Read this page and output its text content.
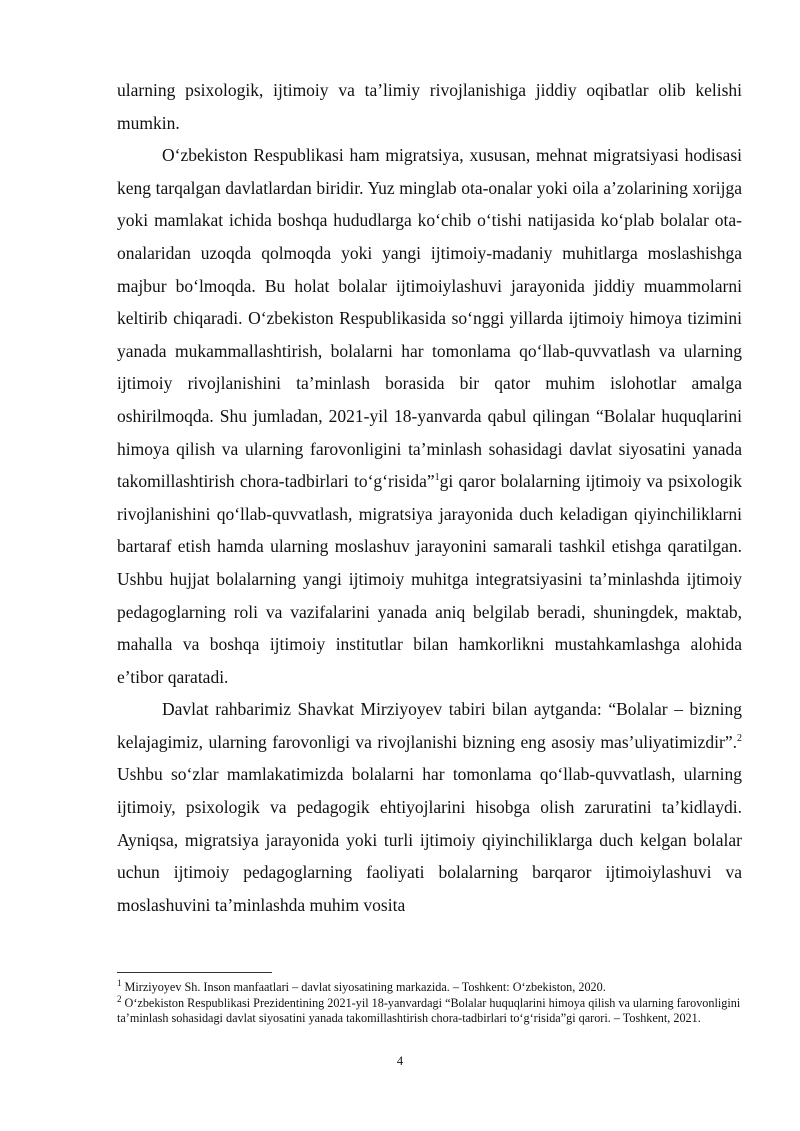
ularning psixologik, ijtimoiy va ta’limiy rivojlanishiga jiddiy oqibatlar olib kelishi mumkin.

O‘zbekiston Respublikasi ham migratsiya, xususan, mehnat migratsiyasi hodisasi keng tarqalgan davlatlardan biridir. Yuz minglab ota-onalar yoki oila a’zolarining xorijga yoki mamlakat ichida boshqa hududlarga ko‘chib o‘tishi natijasida ko‘plab bolalar ota-onalaridan uzoqda qolmoqda yoki yangi ijtimoiy-madaniy muhitlarga moslashishga majbur bo‘lmoqda. Bu holat bolalar ijtimoiylashuvi jarayonida jiddiy muammolarni keltirib chiqaradi. O‘zbekiston Respublikasida so‘nggi yillarda ijtimoiy himoya tizimini yanada mukammallashtirish, bolalarni har tomonlama qo‘llab-quvvatlash va ularning ijtimoiy rivojlanishini ta’minlash borasida bir qator muhim islohotlar amalga oshirilmoqda. Shu jumladan, 2021-yil 18-yanvarda qabul qilingan “Bolalar huquqlarini himoya qilish va ularning farovonligini ta’minlash sohasidagi davlat siyosatini yanada takomillashtirish chora-tadbirlari to‘g‘risida”$^1$gi qaror bolalarning ijtimoiy va psixologik rivojlanishini qo‘llab-quvvatlash, migratsiya jarayonida duch keladigan qiyinchiliklarni bartaraf etish hamda ularning moslashuv jarayonini samarali tashkil etishga qaratilgan. Ushbu hujjat bolalarning yangi ijtimoiy muhitga integratsiyasini ta’minlashda ijtimoiy pedagoglarning roli va vazifalarini yanada aniq belgilab beradi, shuningdek, maktab, mahalla va boshqa ijtimoiy institutlar bilan hamkorlikni mustahkamlashga alohida e’tibor qaratadi.

Davlat rahbarimiz Shavkat Mirziyoyev tabiri bilan aytganda: “Bolalar – bizning kelajagimiz, ularning farovonligi va rivojlanishi bizning eng asosiy mas’uliyatimizdir”.$^2$ Ushbu so‘zlar mamlakatimizda bolalarni har tomonlama qo‘llab-quvvatlash, ularning ijtimoiy, psixologik va pedagogik ehtiyojlarini hisobga olish zaruratini ta’kidlaydi. Ayniqsa, migratsiya jarayonida yoki turli ijtimoiy qiyinchiliklarga duch kelgan bolalar uchun ijtimoiy pedagoglarning faoliyati bolalarning barqaror ijtimoiylashuvi va moslashuvini ta’minlashda muhim vosita

$^1$ Mirziyoyev Sh. Inson manfaatlari – davlat siyosatining markazida. – Toshkent: O‘zbekiston, 2020.

$^2$ O‘zbekiston Respublikasi Prezidentining 2021-yil 18-yanvardagi “Bolalar huquqlarini himoya qilish va ularning farovonligini ta’minlash sohasidagi davlat siyosatini yanada takomillashtirish chora-tadbirlari to‘g‘risida”gi qarori. – Toshkent, 2021.

4
